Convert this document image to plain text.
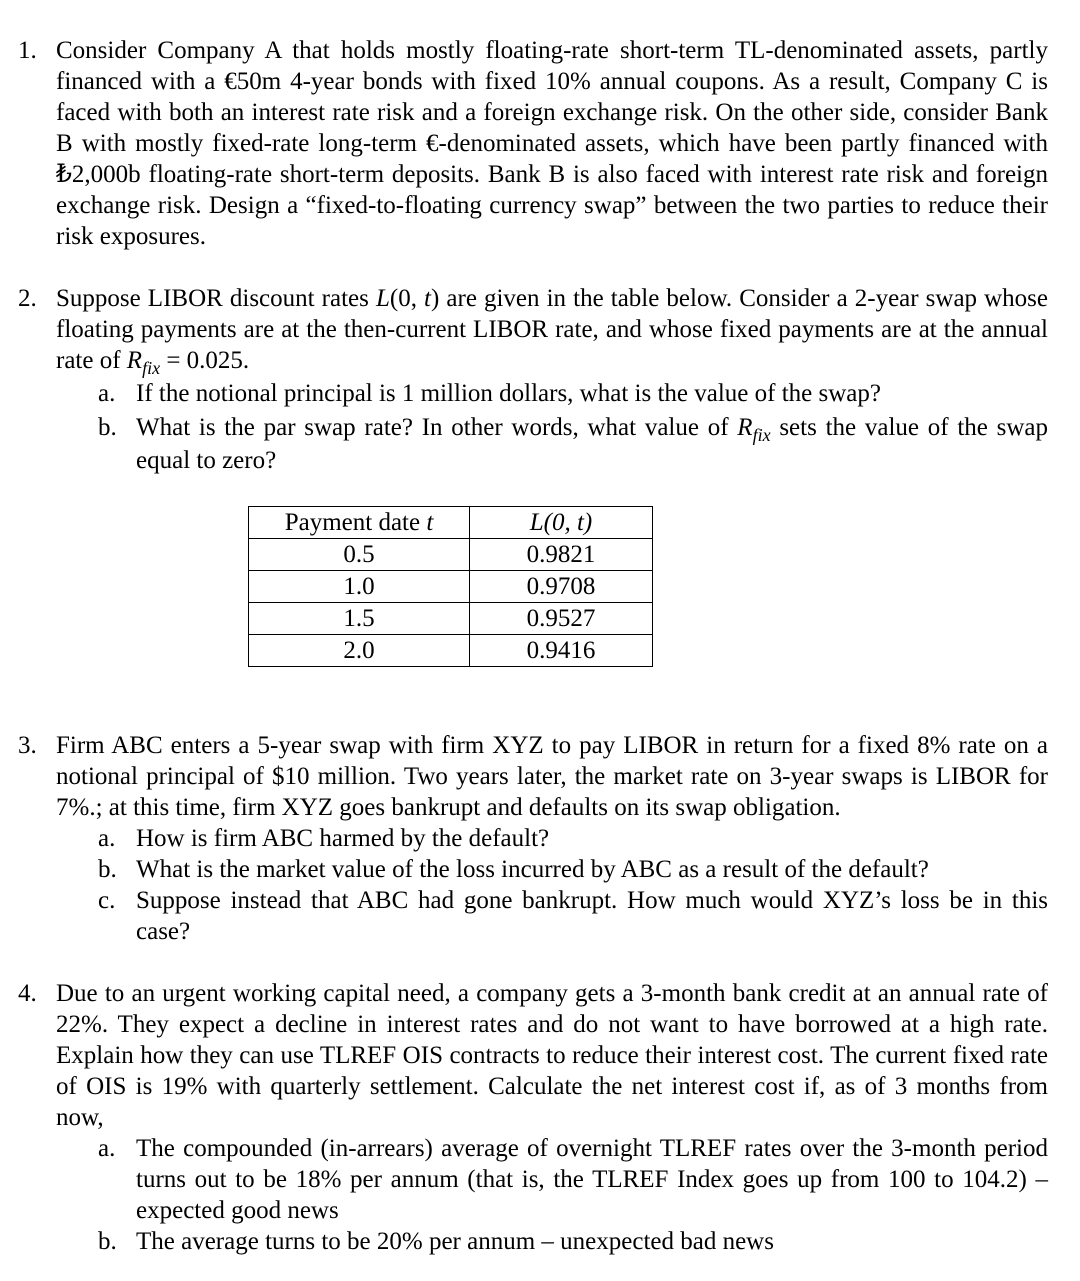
1. Consider Company A that holds mostly floating-rate short-term TL-denominated assets, partly financed with a €50m 4-year bonds with fixed 10% annual coupons. As a result, Company C is faced with both an interest rate risk and a foreign exchange risk. On the other side, consider Bank B with mostly fixed-rate long-term €-denominated assets, which have been partly financed with ₺2,000b floating-rate short-term deposits. Bank B is also faced with interest rate risk and foreign exchange risk. Design a “fixed-to-floating currency swap” between the two parties to reduce their risk exposures.
2. Suppose LIBOR discount rates L(0, t) are given in the table below. Consider a 2-year swap whose floating payments are at the then-current LIBOR rate, and whose fixed payments are at the annual rate of $R_{fix} = 0.025$.
a. If the notional principal is 1 million dollars, what is the value of the swap?
b. What is the par swap rate? In other words, what value of $R_{fix}$ sets the value of the swap equal to zero?
Payment date t	L(0, t)
0.5	0.9821
1.0	0.9708
1.5	0.9527
2.0	0.9416
3. Firm ABC enters a 5-year swap with firm XYZ to pay LIBOR in return for a fixed 8% rate on a notional principal of $10 million. Two years later, the market rate on 3-year swaps is LIBOR for 7%.; at this time, firm XYZ goes bankrupt and defaults on its swap obligation.
a. How is firm ABC harmed by the default?
b. What is the market value of the loss incurred by ABC as a result of the default?
c. Suppose instead that ABC had gone bankrupt. How much would XYZ’s loss be in this case?
4. Due to an urgent working capital need, a company gets a 3-month bank credit at an annual rate of 22%. They expect a decline in interest rates and do not want to have borrowed at a high rate. Explain how they can use TLREF OIS contracts to reduce their interest cost. The current fixed rate of OIS is 19% with quarterly settlement. Calculate the net interest cost if, as of 3 months from now,
a. The compounded (in-arrears) average of overnight TLREF rates over the 3-month period turns out to be 18% per annum (that is, the TLREF Index goes up from 100 to 104.2) – expected good news
b. The average turns to be 20% per annum – unexpected bad news
